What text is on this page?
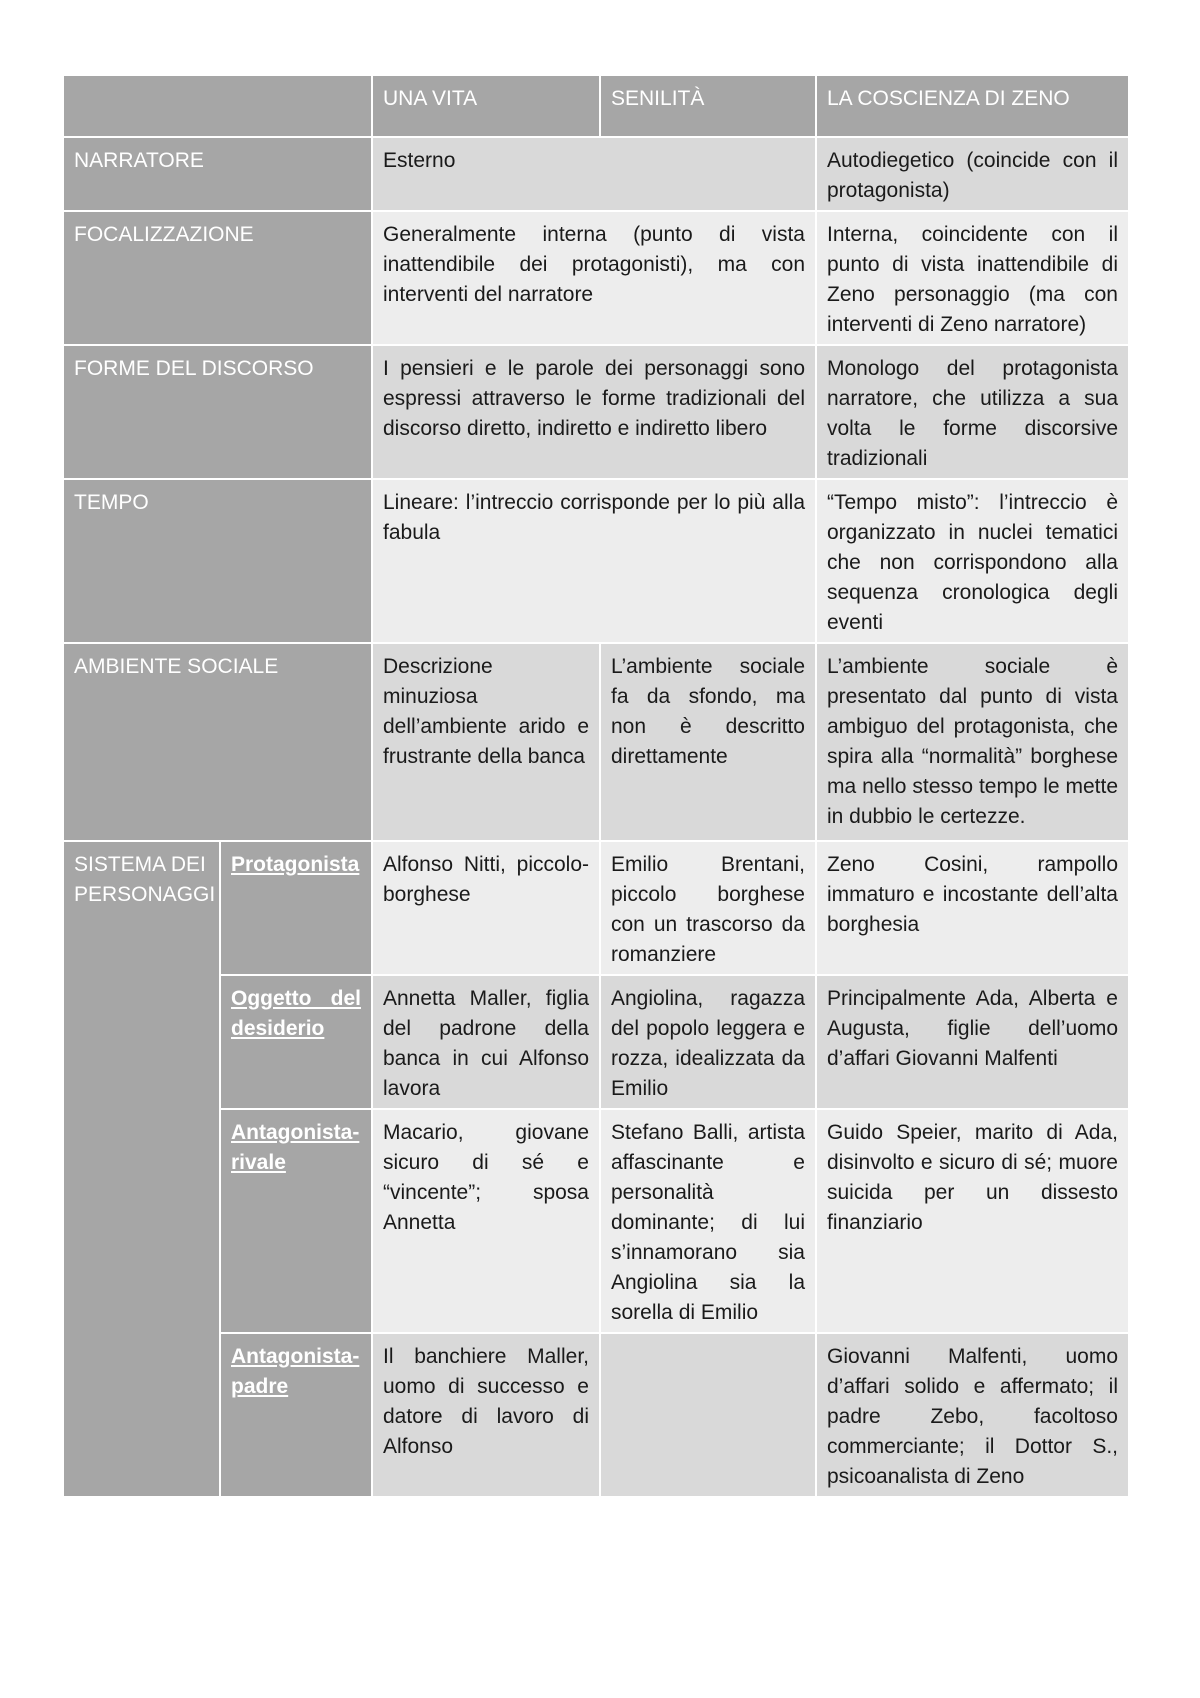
		UNA VITA	SENILITÀ	LA COSCIENZA DI ZENO
NARRATORE		Esterno		Autodiegetico (coincide con il protagonista)
FOCALIZZAZIONE		Generalmente interna (punto di vista inattendibile dei protagonisti), ma con interventi del narratore		Interna, coincidente con il punto di vista inattendibile di Zeno personaggio (ma con interventi di Zeno narratore)
FORME DEL DISCORSO		I pensieri e le parole dei personaggi sono espressi attraverso le forme tradizionali del discorso diretto, indiretto e indiretto libero		Monologo del protagonista narratore, che utilizza a sua volta le forme discorsive tradizionali
TEMPO		Lineare: l’intreccio corrisponde per lo più alla fabula		“Tempo misto”: l’intreccio è organizzato in nuclei tematici che non corrispondono alla sequenza cronologica degli eventi
AMBIENTE SOCIALE		Descrizione minuziosa dell’ambiente arido e frustrante della banca	L’ambiente sociale fa da sfondo, ma non è descritto direttamente	L’ambiente sociale è presentato dal punto di vista ambiguo del protagonista, che spira alla “normalità” borghese ma nello stesso tempo le mette in dubbio le certezze.
SISTEMA DEI PERSONAGGI	Protagonista	Alfonso Nitti, piccolo-borghese	Emilio Brentani, piccolo borghese con un trascorso da romanziere	Zeno Cosini, rampollo immaturo e incostante dell’alta borghesia
	Oggetto del desiderio	Annetta Maller, figlia del padrone della banca in cui Alfonso lavora	Angiolina, ragazza del popolo leggera e rozza, idealizzata da Emilio	Principalmente Ada, Alberta e Augusta, figlie dell’uomo d’affari Giovanni Malfenti
	Antagonista-rivale	Macario, giovane sicuro di sé e “vincente”; sposa Annetta	Stefano Balli, artista affascinante e personalità dominante; di lui s’innamorano sia Angiolina sia la sorella di Emilio	Guido Speier, marito di Ada, disinvolto e sicuro di sé; muore suicida per un dissesto finanziario
	Antagonista-padre	Il banchiere Maller, uomo di successo e datore di lavoro di Alfonso		Giovanni Malfenti, uomo d’affari solido e affermato; il padre Zebo, facoltoso commerciante; il Dottor S., psicoanalista di Zeno
